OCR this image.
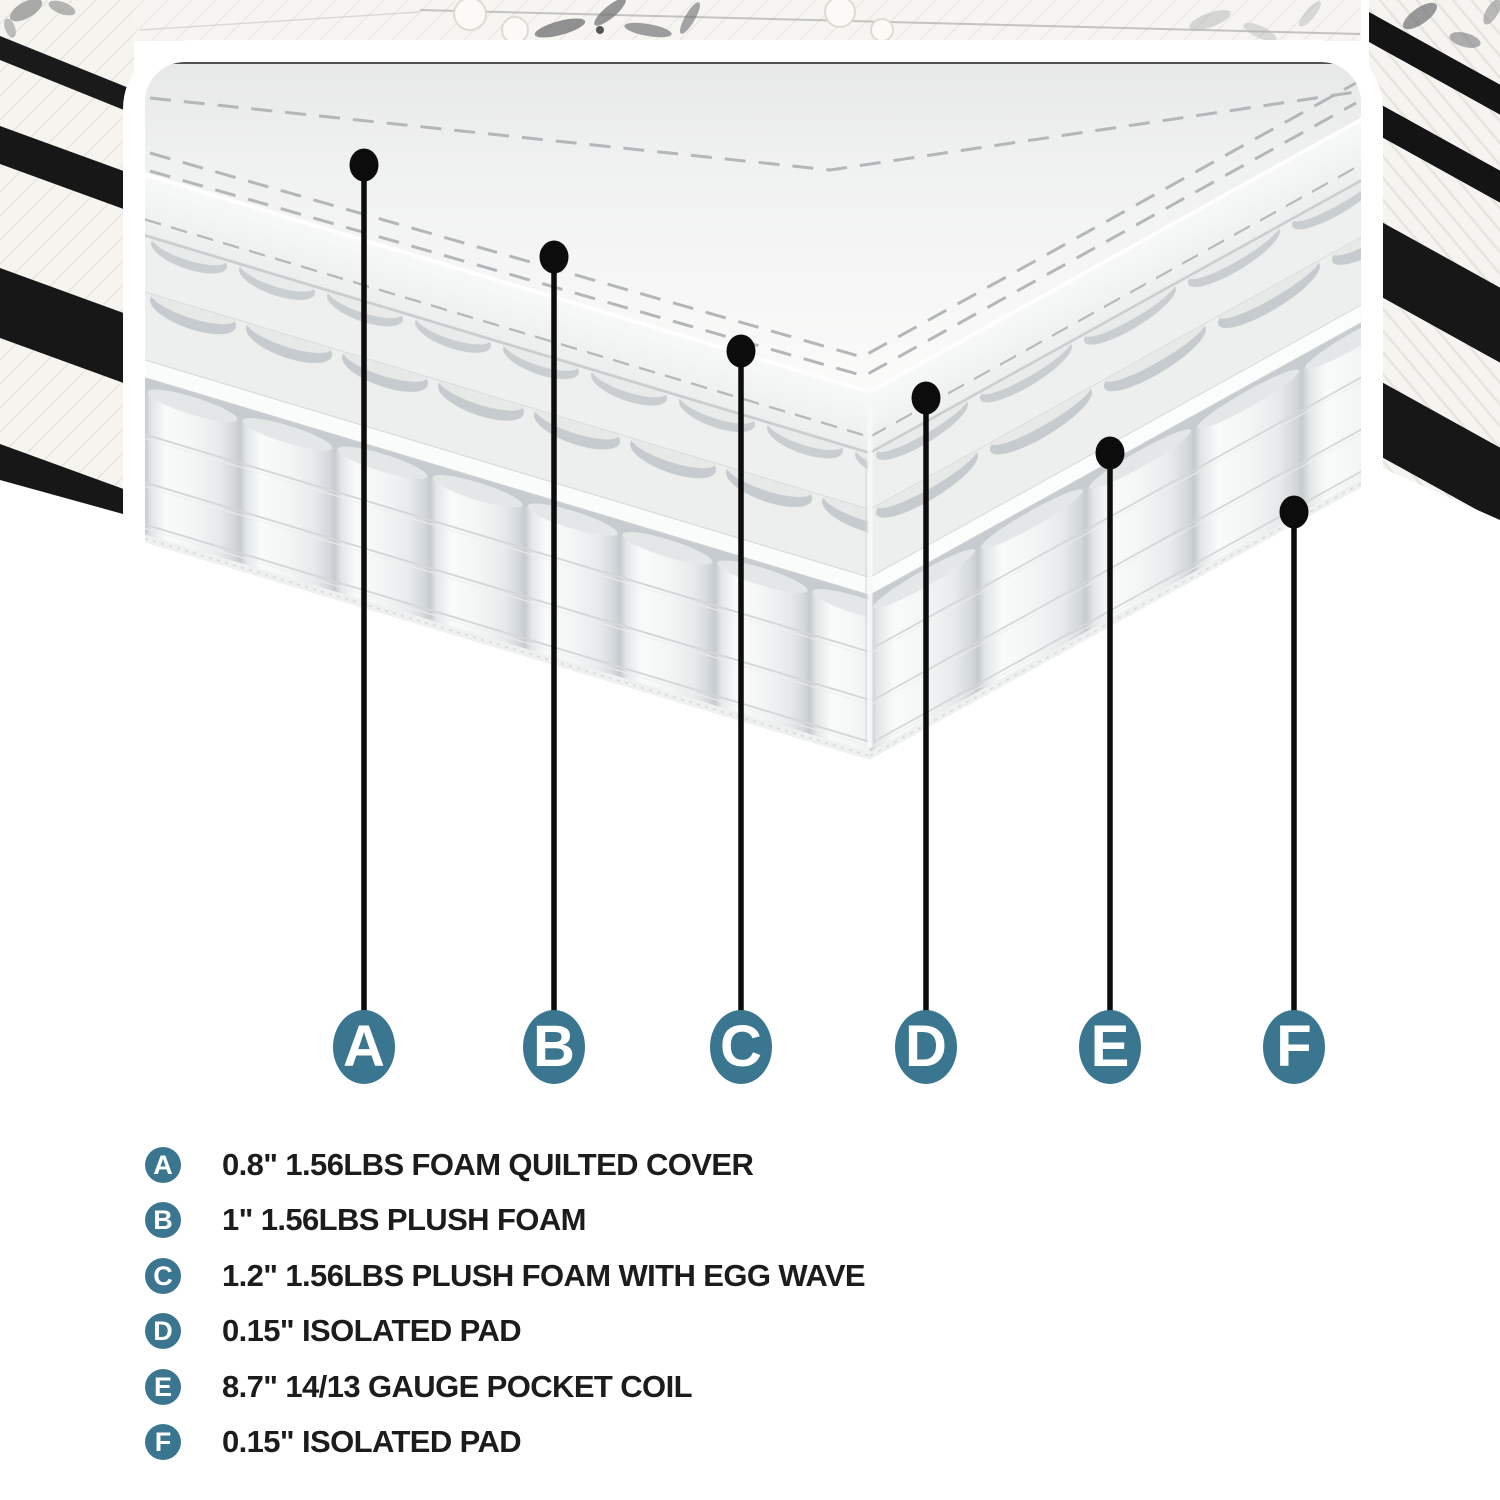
A	B	C D E	F
A 0.8" 1.56LBS FOAM QUILTED COVER
B 1" 1.56LBS PLUSH FOAM
C 1.2" 1.56LBS PLUSH FOAM WITH EGG WAVE
D 0.15" ISOLATED PAD
E 8.7" 14/13 GAUGE POCKET COIL
F	0.15" ISOLATED PAD
